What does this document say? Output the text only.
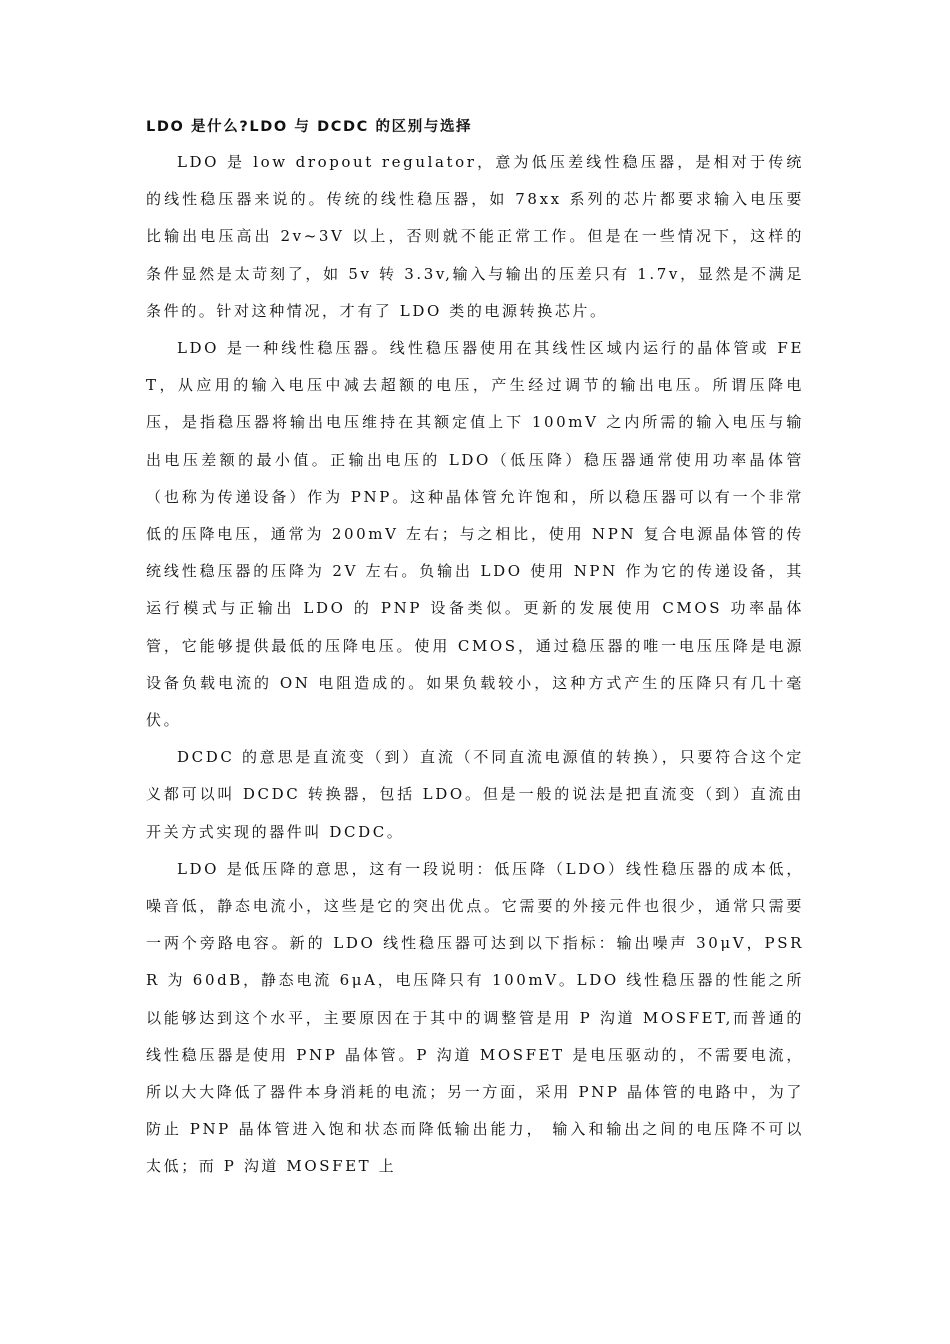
LDO 是什么?LDO 与 DCDC 的区别与选择

LDO 是 low dropout regulator，意为低压差线性稳压器，是相对于传统的线性稳压器来说的。传统的线性稳压器，如 78xx 系列的芯片都要求输入电压要比输出电压高出 2v~3V 以上，否则就不能正常工作。但是在一些情况下，这样的条件显然是太苛刻了，如 5v 转 3.3v,输入与输出的压差只有 1.7v，显然是不满足条件的。针对这种情况，才有了 LDO 类的电源转换芯片。

LDO 是一种线性稳压器。线性稳压器使用在其线性区域内运行的晶体管或 FET，从应用的输入电压中减去超额的电压，产生经过调节的输出电压。所谓压降电压，是指稳压器将输出电压维持在其额定值上下 100mV 之内所需的输入电压与输出电压差额的最小值。正输出电压的 LDO（低压降）稳压器通常使用功率晶体管（也称为传递设备）作为 PNP。这种晶体管允许饱和，所以稳压器可以有一个非常低的压降电压，通常为 200mV 左右；与之相比，使用 NPN 复合电源晶体管的传统线性稳压器的压降为 2V 左右。负输出 LDO 使用 NPN 作为它的传递设备，其运行模式与正输出 LDO 的 PNP 设备类似。更新的发展使用 CMOS 功率晶体管，它能够提供最低的压降电压。使用 CMOS，通过稳压器的唯一电压压降是电源设备负载电流的 ON 电阻造成的。如果负载较小，这种方式产生的压降只有几十毫伏。

DCDC 的意思是直流变（到）直流（不同直流电源值的转换），只要符合这个定义都可以叫 DCDC 转换器，包括 LDO。但是一般的说法是把直流变（到）直流由开关方式实现的器件叫 DCDC。

LDO 是低压降的意思，这有一段说明：低压降（LDO）线性稳压器的成本低，噪音低，静态电流小，这些是它的突出优点。它需要的外接元件也很少，通常只需要一两个旁路电容。新的 LDO 线性稳压器可达到以下指标：输出噪声 30μV，PSRR 为 60dB，静态电流 6μA，电压降只有 100mV。LDO 线性稳压器的性能之所以能够达到这个水平，主要原因在于其中的调整管是用 P 沟道 MOSFET,而普通的线性稳压器是使用 PNP 晶体管。P 沟道 MOSFET 是电压驱动的，不需要电流，所以大大降低了器件本身消耗的电流；另一方面，采用 PNP 晶体管的电路中，为了防止 PNP 晶体管进入饱和状态而降低输出能力， 输入和输出之间的电压降不可以太低；而 P 沟道 MOSFET 上
